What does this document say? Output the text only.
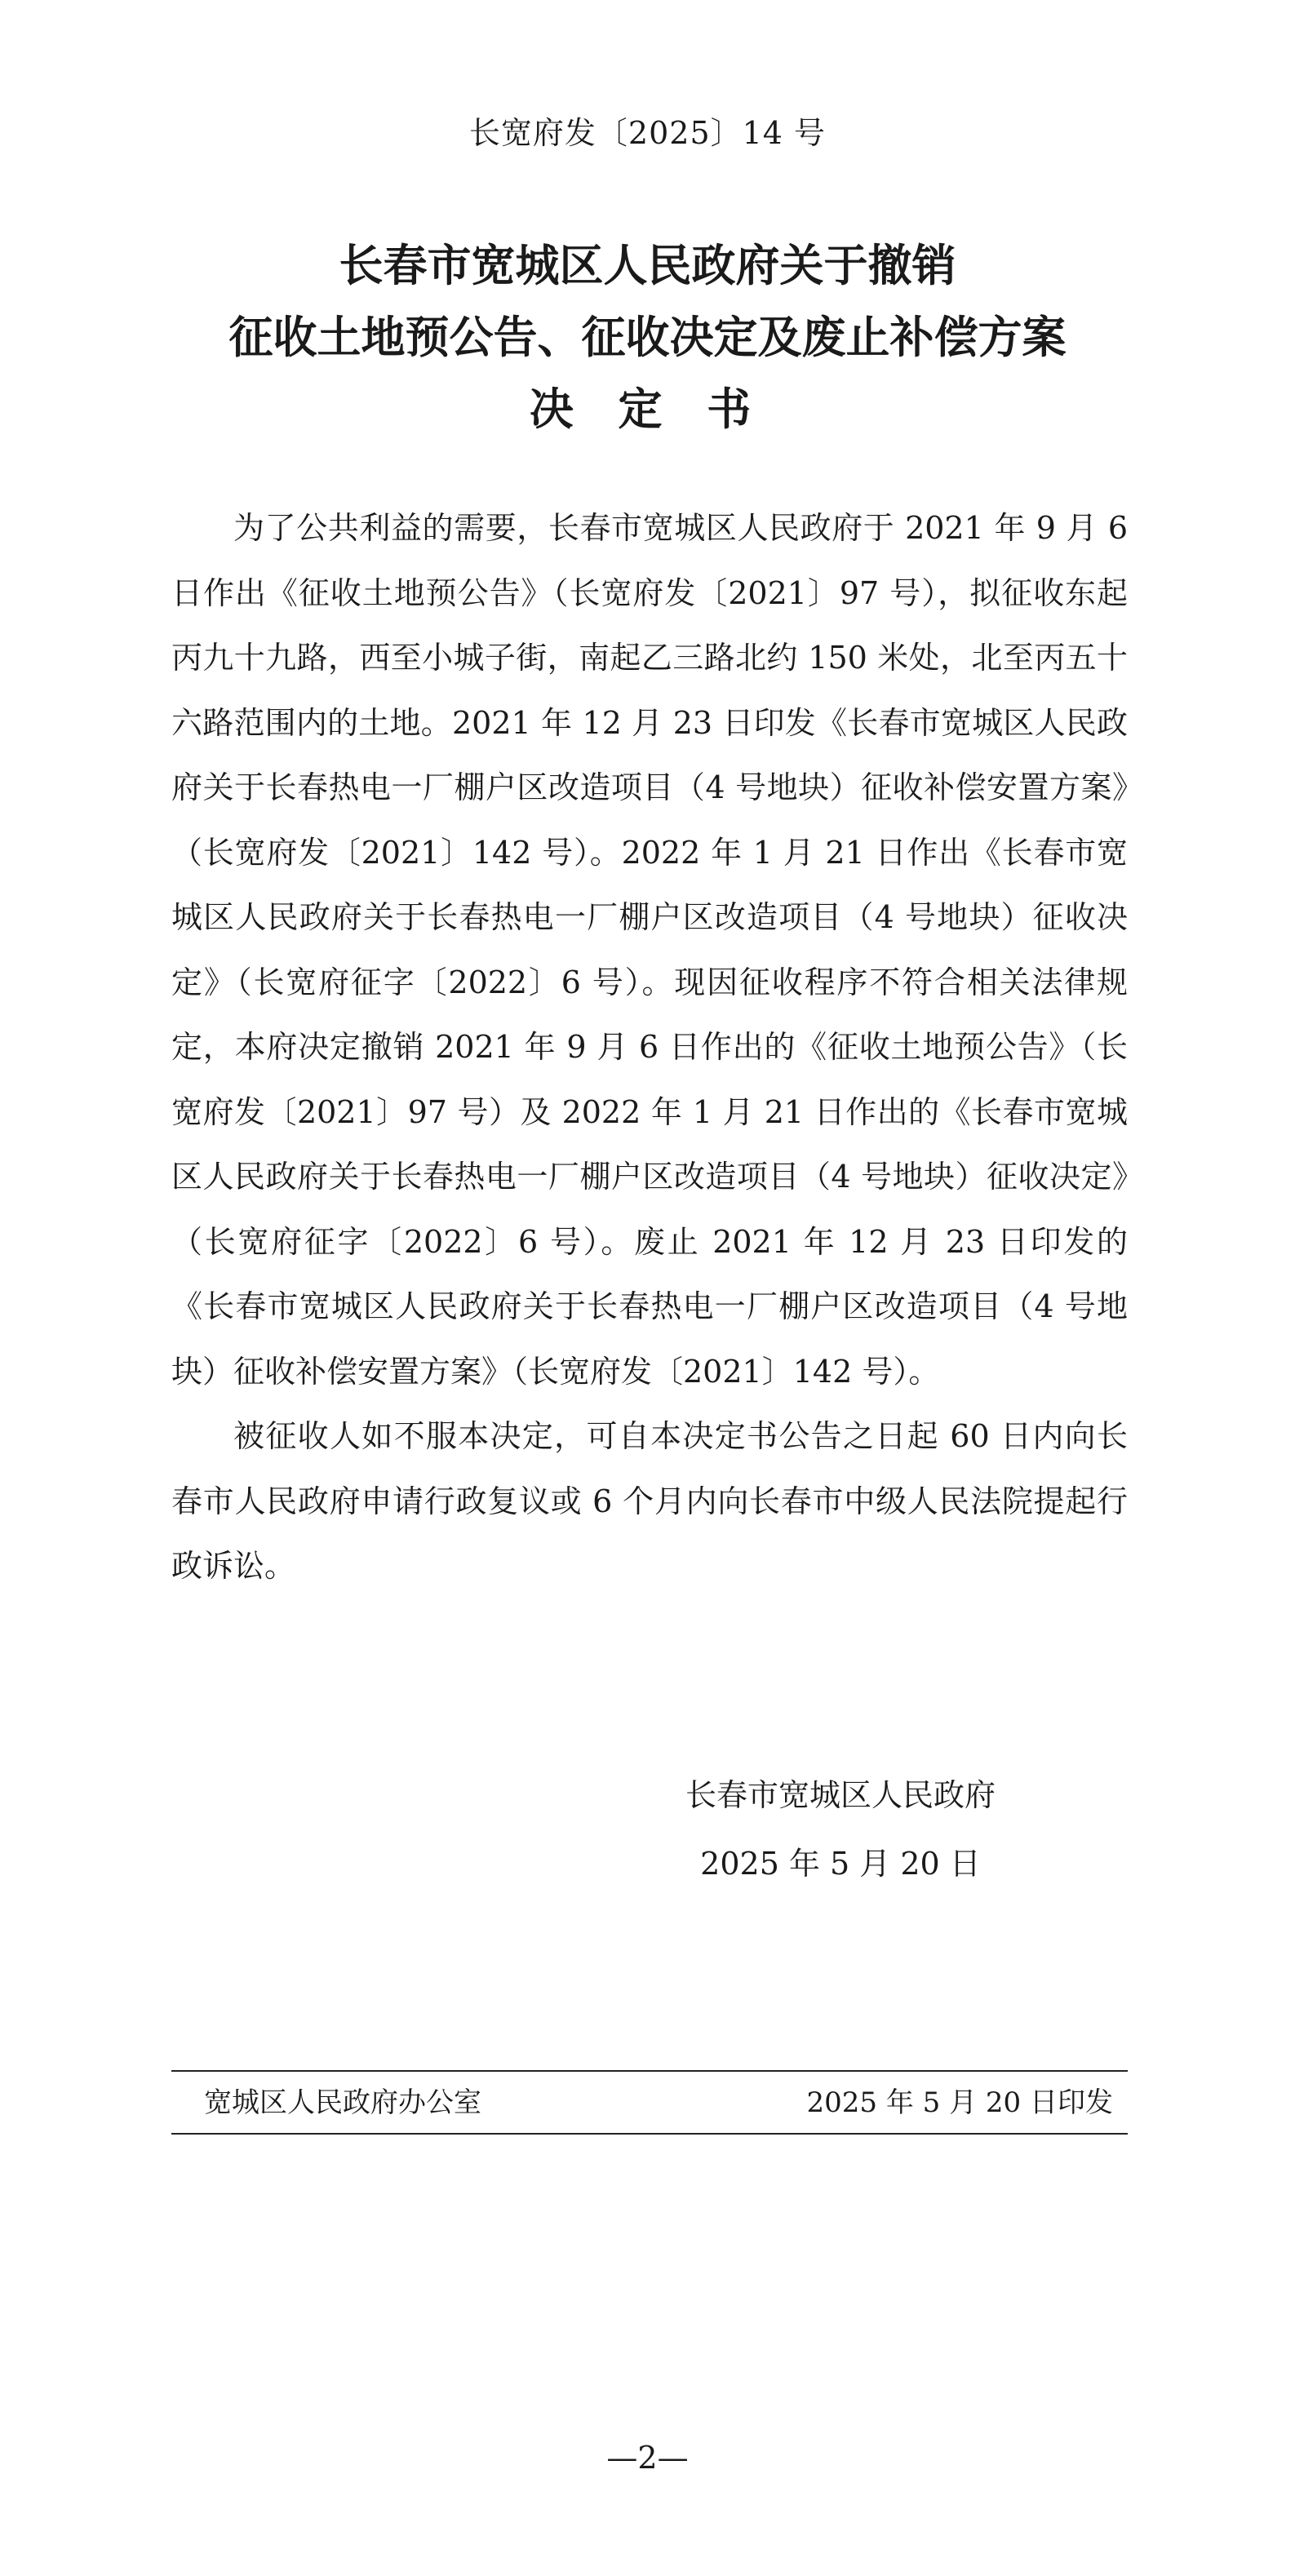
长宽府发〔2025〕14 号
长春市宽城区人民政府关于撤销
征收土地预公告、征收决定及废止补偿方案
决 定 书

为了公共利益的需要，长春市宽城区人民政府于 2021 年 9 月 6 日作出《征收土地预公告》（长宽府发〔2021〕97 号），拟征收东起丙九十九路，西至小城子街，南起乙三路北约 150 米处，北至丙五十六路范围内的土地。2021 年 12 月 23 日印发《长春市宽城区人民政府关于长春热电一厂棚户区改造项目（4 号地块）征收补偿安置方案》（长宽府发〔2021〕142 号）。2022 年 1 月 21 日作出《长春市宽城区人民政府关于长春热电一厂棚户区改造项目（4 号地块）征收决定》（长宽府征字〔2022〕6 号）。现因征收程序不符合相关法律规定，本府决定撤销 2021 年 9 月 6 日作出的《征收土地预公告》（长宽府发〔2021〕97 号）及 2022 年 1 月 21 日作出的《长春市宽城区人民政府关于长春热电一厂棚户区改造项目（4 号地块）征收决定》（长宽府征字〔2022〕6 号）。废止 2021 年 12 月 23 日印发的《长春市宽城区人民政府关于长春热电一厂棚户区改造项目（4 号地块）征收补偿安置方案》（长宽府发〔2021〕142 号）。

被征收人如不服本决定，可自本决定书公告之日起 60 日内向长春市人民政府申请行政复议或 6 个月内向长春市中级人民法院提起行政诉讼。

长春市宽城区人民政府
2025 年 5 月 20 日
宽城区人民政府办公室	2025 年 5 月 20 日印发
—2—
